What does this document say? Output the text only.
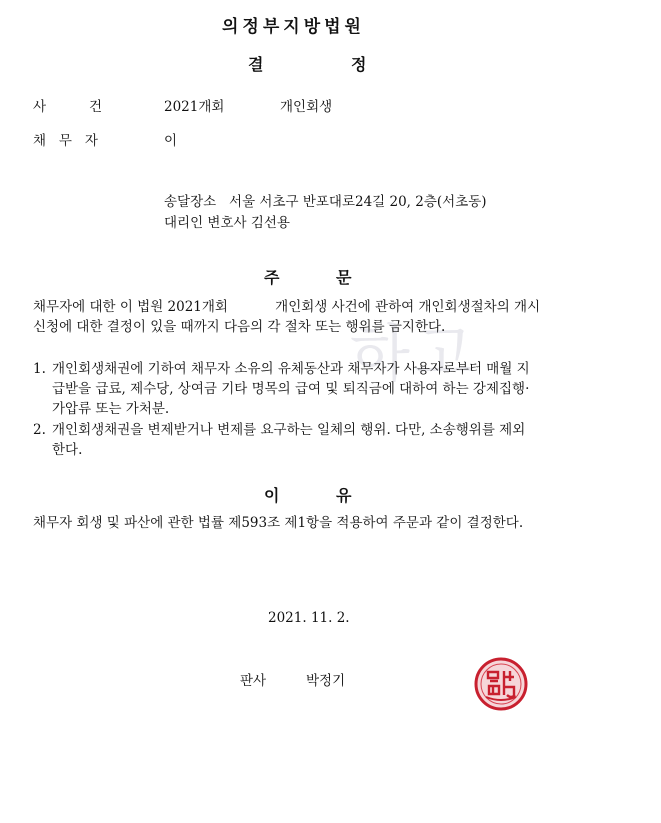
하고
의정부지방법원
결	정
사          건	2021개회	개인회생
채   무   자	이
송달장소   서울 서초구 반포대로24길 20, 2층(서초동)
대리인 변호사 김선용
주	문
채무자에 대한 이 법원 2021개회           개인회생 사건에 관하여 개인회생절차의 개시
신청에 대한 결정이 있을 때까지 다음의 각 절차 또는 행위를 금지한다.
1. 개인회생채권에 기하여 채무자 소유의 유체동산과 채무자가 사용자로부터 매월 지
급받을 급료, 제수당, 상여금 기타 명목의 급여 및 퇴직금에 대하여 하는 강제집행·
가압류 또는 가처분.
2. 개인회생채권을 변제받거나 변제를 요구하는 일체의 행위. 다만, 소송행위를 제외
한다.
이	유
채무자 회생 및 파산에 관한 법률 제593조 제1항을 적용하여 주문과 같이 결정한다.
2021. 11. 2.
판사	박정기
